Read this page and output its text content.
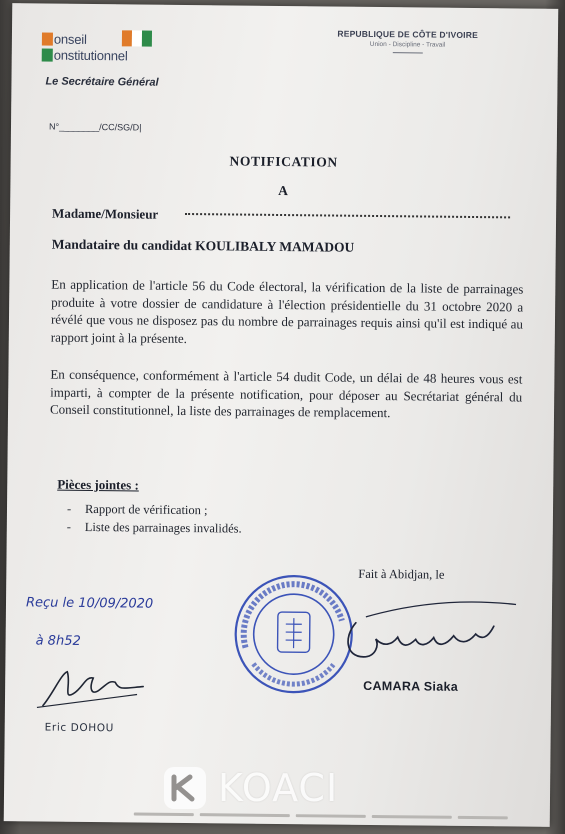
onseil
onstitutionnel
Le Secrétaire Général
REPUBLIQUE DE CÔTE D'IVOIRE
Union - Discipline - Travail
N°________/CC/SG/D|
NOTIFICATION
A
Madame/Monsieur
Mandataire du candidat KOULIBALY MAMADOU
En application de l'article 56 du Code électoral, la vérification de la liste de parrainages produite à votre dossier de candidature à l'élection présidentielle du 31 octobre 2020 a révélé que vous ne disposez pas du nombre de parrainages requis ainsi qu'il est indiqué au rapport joint à la présente.
En conséquence, conformément à l'article 54 dudit Code, un délai de 48 heures vous est imparti, à compter de la présente notification, pour déposer au Secrétariat général du Conseil constitutionnel, la liste des parrainages de remplacement.
Pièces jointes :
- Rapport de vérification ;
- Liste des parrainages invalidés.
Fait à Abidjan, le
Reçu le 10/09/2020
à 8h52
Eric DOHOU
CAMARA Siaka
KOACI
